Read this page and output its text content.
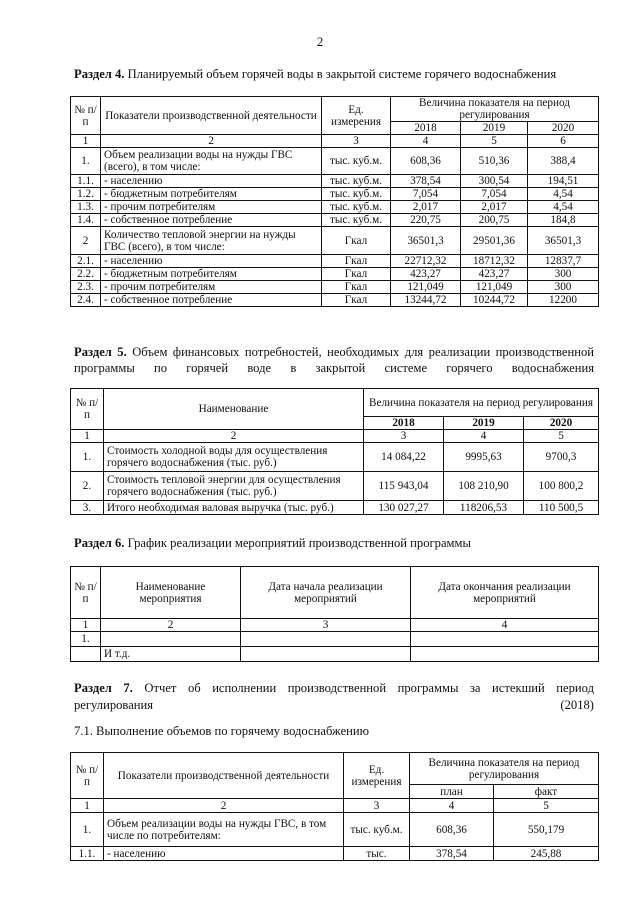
2
Раздел 4. Планируемый объем горячей воды в закрытой системе горячего водоснабжения
№ п/п	Показатели производственной деятельности	Ед. измерения	Величина показателя на период регулирования		
			2018	2019	2020
1	2	3	4	5	6
1.	Объем реализации воды на нужды ГВС (всего), в том числе:	тыс. куб.м.	608,36	510,36	388,4
1.1.	- населению	тыс. куб.м.	378,54	300,54	194,51
1.2.	- бюджетным потребителям	тыс. куб.м.	7,054	7,054	4,54
1.3.	- прочим потребителям	тыс. куб.м.	2,017	2,017	4,54
1.4.	- собственное потребление	тыс. куб.м.	220,75	200,75	184,8
2	Количество тепловой энергии на нужды ГВС (всего), в том числе:	Гкал	36501,3	29501,36	36501,3
2.1.	- населению	Гкал	22712,32	18712,32	12837,7
2.2.	- бюджетным потребителям	Гкал	423,27	423,27	300
2.3.	- прочим потребителям	Гкал	121,049	121,049	300
2.4.	- собственное потребление	Гкал	13244,72	10244,72	12200
Раздел 5. Объем финансовых потребностей, необходимых для реализации производственной программы по горячей воде в закрытой системе горячего водоснабжения
№ п/п	Наименование	Величина показателя на период регулирования		
		2018	2019	2020
1	2	3	4	5
1.	Стоимость холодной воды для осуществления горячего водоснабжения (тыс. руб.)	14 084,22	9995,63	9700,3
2.	Стоимость тепловой энергии для осуществления горячего водоснабжения (тыс. руб.)	115 943,04	108 210,90	100 800,2
3.	Итого необходимая валовая выручка (тыс. руб.)	130 027,27	118206,53	110 500,5
Раздел 6. График реализации мероприятий производственной программы
№ п/п	Наименование мероприятия	Дата начала реализации мероприятий	Дата окончания реализации мероприятий
1	2	3	4
1.			
	И т.д.		
Раздел 7. Отчет об исполнении производственной программы за истекший период регулирования (2018)
7.1. Выполнение объемов по горячему водоснабжению
№ п/п	Показатели производственной деятельности	Ед. измерения	Величина показателя на период регулирования	
			план	факт
1	2	3	4	5
1.	Объем реализации воды на нужды ГВС, в том числе по потребителям:	тыс. куб.м.	608,36	550,179
1.1.	- населению	тыс.	378,54	245,88
